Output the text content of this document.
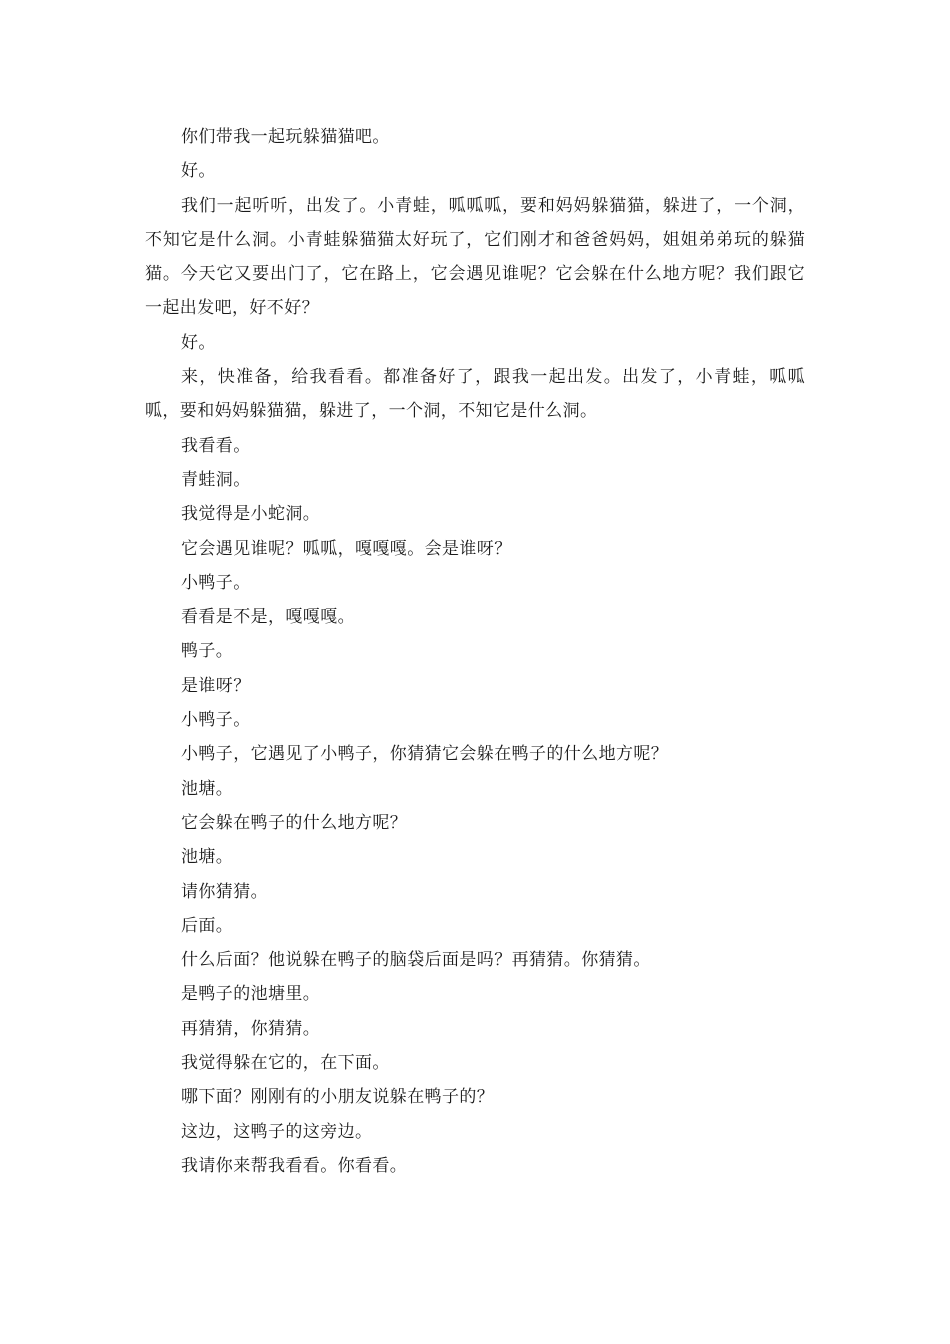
你们带我一起玩躲猫猫吧。

好。

我们一起听听，出发了。小青蛙，呱呱呱，要和妈妈躲猫猫，躲进了，一个洞，不知它是什么洞。小青蛙躲猫猫太好玩了，它们刚才和爸爸妈妈，姐姐弟弟玩的躲猫猫。今天它又要出门了，它在路上，它会遇见谁呢？它会躲在什么地方呢？我们跟它一起出发吧，好不好？

好。

来，快准备，给我看看。都准备好了，跟我一起出发。出发了，小青蛙，呱呱呱，要和妈妈躲猫猫，躲进了，一个洞，不知它是什么洞。

我看看。

青蛙洞。

我觉得是小蛇洞。

它会遇见谁呢？呱呱，嘎嘎嘎。会是谁呀？

小鸭子。

看看是不是，嘎嘎嘎。

鸭子。

是谁呀？

小鸭子。

小鸭子，它遇见了小鸭子，你猜猜它会躲在鸭子的什么地方呢？

池塘。

它会躲在鸭子的什么地方呢？

池塘。

请你猜猜。

后面。

什么后面？他说躲在鸭子的脑袋后面是吗？再猜猜。你猜猜。

是鸭子的池塘里。

再猜猜，你猜猜。

我觉得躲在它的，在下面。

哪下面？刚刚有的小朋友说躲在鸭子的？

这边，这鸭子的这旁边。

我请你来帮我看看。你看看。
